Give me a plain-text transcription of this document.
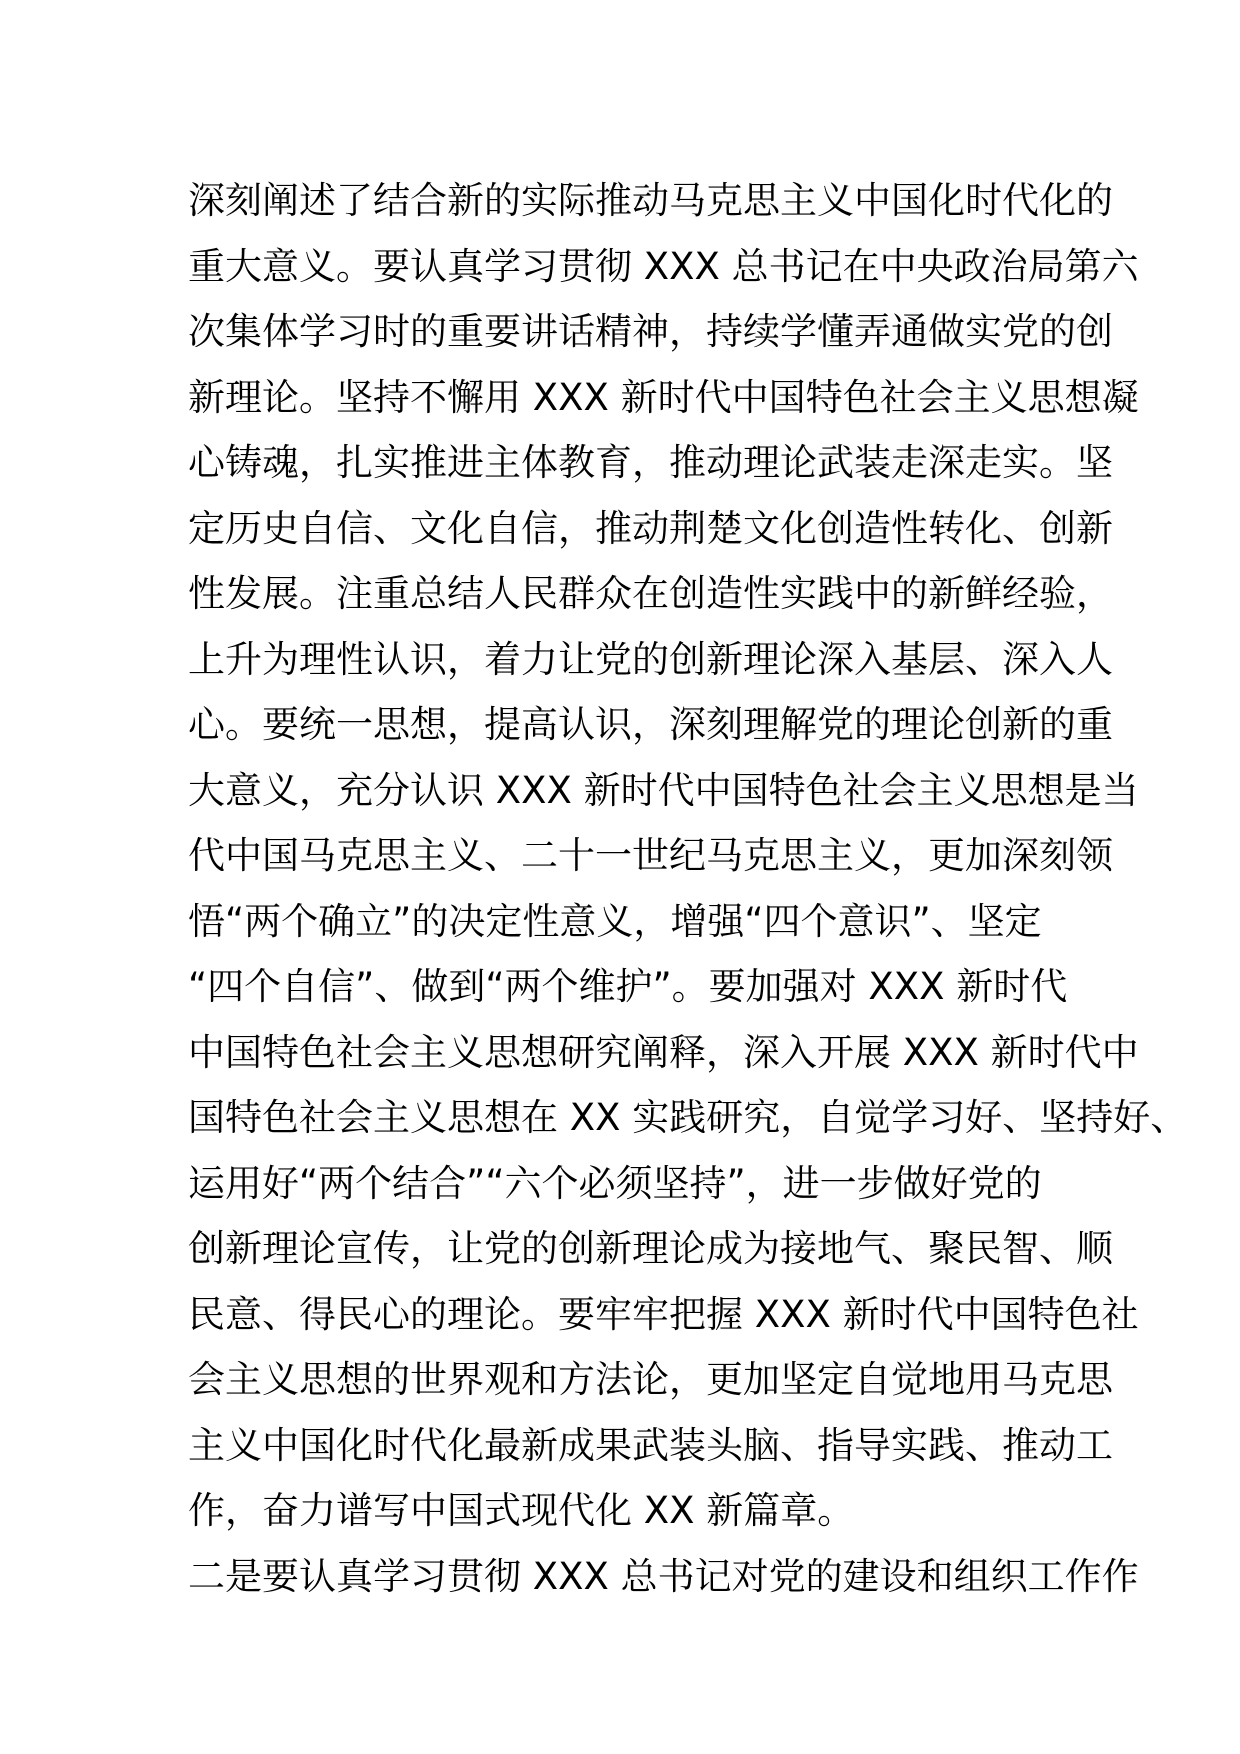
深刻阐述了结合新的实际推动马克思主义中国化时代化的
重大意义。要认真学习贯彻 XXX 总书记在中央政治局第六
次集体学习时的重要讲话精神，持续学懂弄通做实党的创
新理论。坚持不懈用 XXX 新时代中国特色社会主义思想凝
心铸魂，扎实推进主体教育，推动理论武装走深走实。坚
定历史自信、文化自信，推动荆楚文化创造性转化、创新
性发展。注重总结人民群众在创造性实践中的新鲜经验，
上升为理性认识，着力让党的创新理论深入基层、深入人
心。要统一思想，提高认识，深刻理解党的理论创新的重
大意义，充分认识 XXX 新时代中国特色社会主义思想是当
代中国马克思主义、二十一世纪马克思主义，更加深刻领
悟“两个确立”的决定性意义，增强“四个意识”、坚定
“四个自信”、做到“两个维护”。要加强对 XXX 新时代
中国特色社会主义思想研究阐释，深入开展 XXX 新时代中
国特色社会主义思想在 XX 实践研究，自觉学习好、坚持好、
运用好“两个结合”“六个必须坚持”，进一步做好党的
创新理论宣传，让党的创新理论成为接地气、聚民智、顺
民意、得民心的理论。要牢牢把握 XXX 新时代中国特色社
会主义思想的世界观和方法论，更加坚定自觉地用马克思
主义中国化时代化最新成果武装头脑、指导实践、推动工
作，奋力谱写中国式现代化 XX 新篇章。
二是要认真学习贯彻 XXX 总书记对党的建设和组织工作作
